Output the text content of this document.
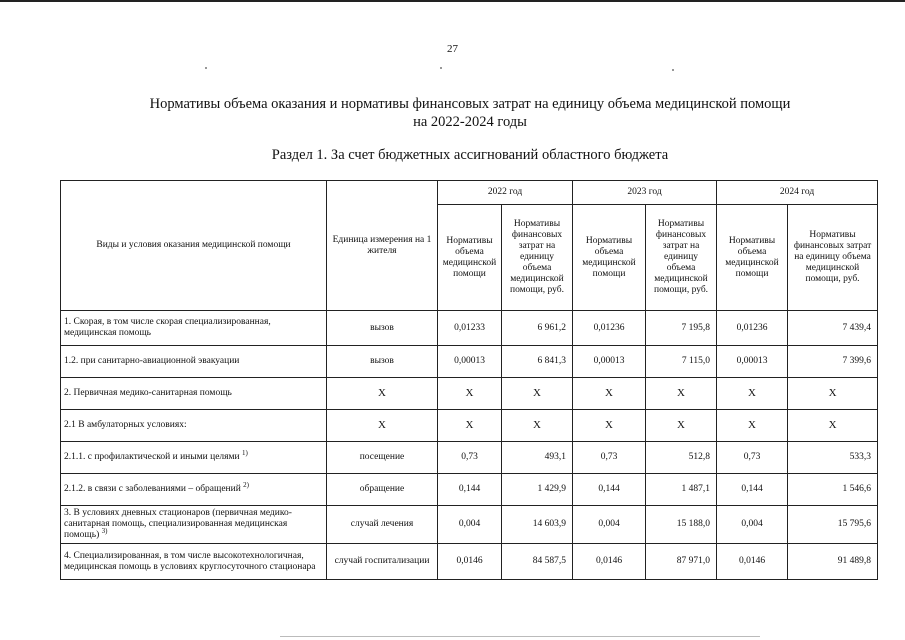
27
Нормативы объема оказания и нормативы финансовых затрат на единицу объема медицинской помощи
на 2022-2024 годы
Раздел 1. За счет бюджетных ассигнований областного бюджета
Виды и условия оказания медицинской помощи	Единица измерения на 1 жителя	2022 год		2023 год		2024 год	
		Нормативы объема медицинской помощи	Нормативы финансовых затрат на единицу объема медицинской помощи, руб.	Нормативы объема медицинской помощи	Нормативы финансовых затрат на единицу объема медицинской помощи, руб.	Нормативы объема медицинской помощи	Нормативы финансовых затрат на единицу объема медицинской помощи, руб.
1. Скорая, в том числе скорая специализированная, медицинская помощь	вызов	0,01233	6 961,2	0,01236	7 195,8	0,01236	7 439,4
1.2. при санитарно-авиационной эвакуации	вызов	0,00013	6 841,3	0,00013	7 115,0	0,00013	7 399,6
2. Первичная медико-санитарная помощь	Х	Х	Х	Х	Х	Х	Х
2.1 В амбулаторных условиях:	Х	Х	Х	Х	Х	Х	Х
2.1.1. с профилактической и иными целями $^{1)}$	посещение	0,73	493,1	0,73	512,8	0,73	533,3
2.1.2. в связи с заболеваниями – обращений $^{2)}$	обращение	0,144	1 429,9	0,144	1 487,1	0,144	1 546,6
3. В условиях дневных стационаров (первичная медико-санитарная помощь, специализированная медицинская помощь) $^{3)}$	случай лечения	0,004	14 603,9	0,004	15 188,0	0,004	15 795,6
4. Специализированная, в том числе высокотехнологичная, медицинская помощь в условиях круглосуточного стационара	случай госпитализации	0,0146	84 587,5	0,0146	87 971,0	0,0146	91 489,8
